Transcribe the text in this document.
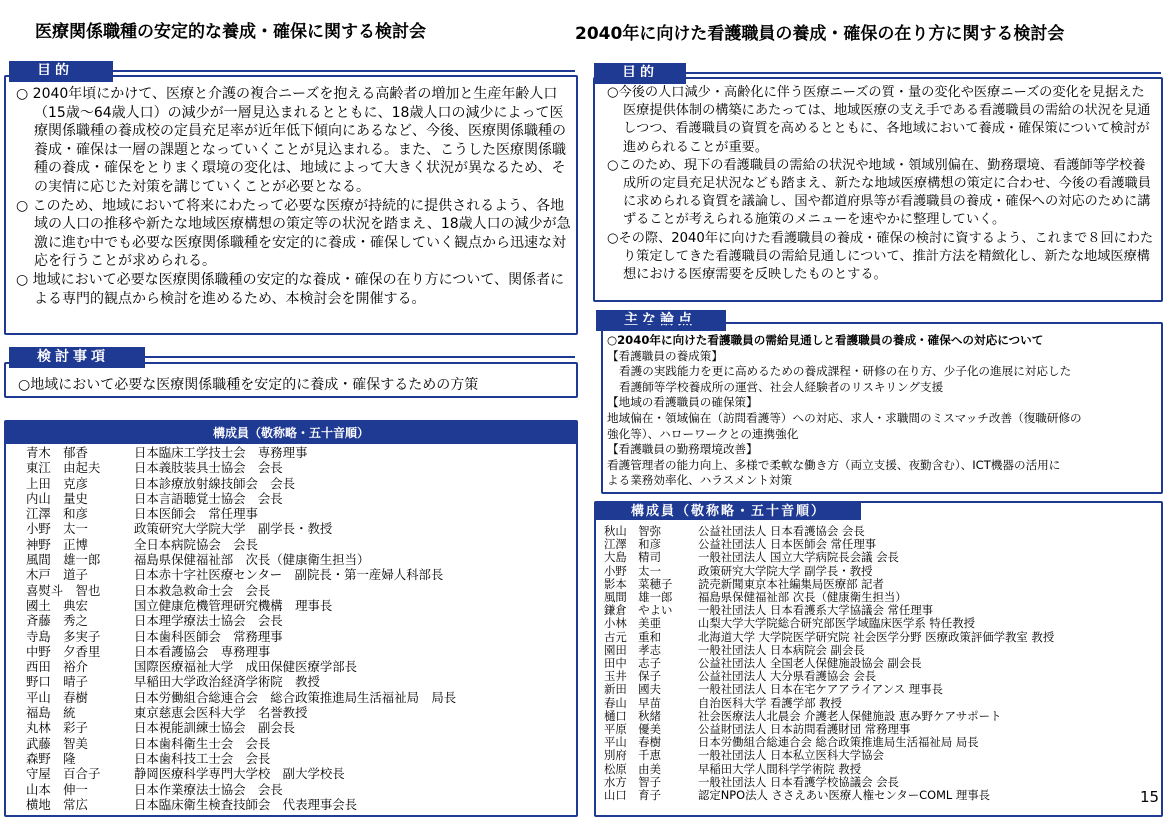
医療関係職種の安定的な養成・確保に関する検討会
目的

○ 2040年頃にかけて、医療と介護の複合ニーズを抱える高齢者の増加と生産年齢人口（15歳～64歳人口）の減少が一層見込まれるとともに、18歳人口の減少によって医療関係職種の養成校の定員充足率が近年低下傾向にあるなど、今後、医療関係職種の養成・確保は一層の課題となっていくことが見込まれる。また、こうした医療関係職種の養成・確保をとりまく環境の変化は、地域によって大きく状況が異なるため、その実情に応じた対策を講じていくことが必要となる。

○ このため、地域において将来にわたって必要な医療が持続的に提供されるよう、各地域の人口の推移や新たな地域医療構想の策定等の状況を踏まえ、18歳人口の減少が急激に進む中でも必要な医療関係職種を安定的に養成・確保していく観点から迅速な対応を行うことが求められる。

○ 地域において必要な医療関係職種の安定的な養成・確保の在り方について、関係者による専門的観点から検討を進めるため、本検討会を開催する。

検討事項
○地域において必要な医療関係職種を安定的に養成・確保するための方策
構成員（敬称略・五十音順）
青木　郁香	日本臨床工学技士会　専務理事
東江　由起夫	日本義肢装具士協会　会長
上田　克彦	日本診療放射線技師会　会長
内山　量史	日本言語聴覚士協会　会長
江澤　和彦	日本医師会　常任理事
小野　太一	政策研究大学院大学　副学長・教授
神野　正博	全日本病院協会　会長
風間　雄一郎	福島県保健福祉部　次長（健康衛生担当）
木戸　道子	日本赤十字社医療センター　副院長・第一産婦人科部長
喜熨斗　智也	日本救急救命士会　会長
國土　典宏	国立健康危機管理研究機構　理事長
斉藤　秀之	日本理学療法士協会　会長
寺島　多実子	日本歯科医師会　常務理事
中野　夕香里	日本看護協会　専務理事
西田　裕介	国際医療福祉大学　成田保健医療学部長
野口　晴子	早稲田大学政治経済学術院　教授
平山　春樹	日本労働組合総連合会　総合政策推進局生活福祉局　局長
福島　統	東京慈恵会医科大学　名誉教授
丸林　彩子	日本視能訓練士協会　副会長
武藤　智美	日本歯科衛生士会　会長
森野　隆	日本歯科技工士会　会長
守屋　百合子	静岡医療科学専門大学校　副大学校長
山本　伸一	日本作業療法士協会　会長
横地　常広	日本臨床衛生検査技師会　代表理事会長
2040年に向けた看護職員の養成・確保の在り方に関する検討会
目的

○今後の人口減少・高齢化に伴う医療ニーズの質・量の変化や医療ニーズの変化を見据えた医療提供体制の構築にあたっては、地域医療の支え手である看護職員の需給の状況を見通しつつ、看護職員の資質を高めるとともに、各地域において養成・確保策について検討が進められることが重要。

○このため、現下の看護職員の需給の状況や地域・領域別偏在、勤務環境、看護師等学校養成所の定員充足状況なども踏まえ、新たな地域医療構想の策定に合わせ、今後の看護職員に求められる資質を議論し、国や都道府県等が看護職員の養成・確保への対応のために講ずることが考えられる施策のメニューを速やかに整理していく。

○その際、2040年に向けた看護職員の養成・確保の検討に資するよう、これまで８回にわたり策定してきた看護職員の需給見通しについて、推計方法を精緻化し、新たな地域医療構想における医療需要を反映したものとする。

主な論点

○2040年に向けた看護職員の需給見通しと看護職員の養成・確保への対応について

【看護職員の養成策】

看護の実践能力を更に高めるための養成課程・研修の在り方、少子化の進展に対応した

看護師等学校養成所の運営、社会人経験者のリスキリング支援

【地域の看護職員の確保策】

地域偏在・領域偏在（訪問看護等）への対応、求人・求職間のミスマッチ改善（復職研修の

強化等）、ハローワークとの連携強化

【看護職員の勤務環境改善】

看護管理者の能力向上、多様で柔軟な働き方（両立支援、夜勤含む）、ICT機器の活用に

よる業務効率化、ハラスメント対策

構成員（敬称略・五十音順）
秋山　智弥	公益社団法人 日本看護協会 会長
江澤　和彦	公益社団法人 日本医師会 常任理事
大島　精司	一般社団法人 国立大学病院長会議 会長
小野　太一	政策研究大学院大学 副学長・教授
影本　菜穂子	読売新聞東京本社編集局医療部 記者
風間　雄一郎	福島県保健福祉部 次長（健康衛生担当）
鎌倉　やよい	一般社団法人 日本看護系大学協議会 常任理事
小林　美亜	山梨大学大学院総合研究部医学域臨床医学系 特任教授
古元　重和	北海道大学 大学院医学研究院 社会医学分野 医療政策評価学教室 教授
園田　孝志	一般社団法人 日本病院会 副会長
田中　志子	公益社団法人 全国老人保健施設協会 副会長
玉井　保子	公益社団法人 大分県看護協会 会長
新田　國夫	一般社団法人 日本在宅ケアアライアンス 理事長
春山　早苗	自治医科大学 看護学部 教授
樋口　秋緒	社会医療法人北晨会 介護老人保健施設 恵み野ケアサポート
平原　優美	公益財団法人 日本訪問看護財団 常務理事
平山　春樹	日本労働組合総連合会 総合政策推進局生活福祉局 局長
別府　千恵	一般社団法人 日本私立医科大学協会
松原　由美	早稲田大学人間科学学術院 教授
水方　智子	一般社団法人 日本看護学校協議会 会長
山口　育子	認定NPO法人 ささえあい医療人権センターCOML 理事長	15
